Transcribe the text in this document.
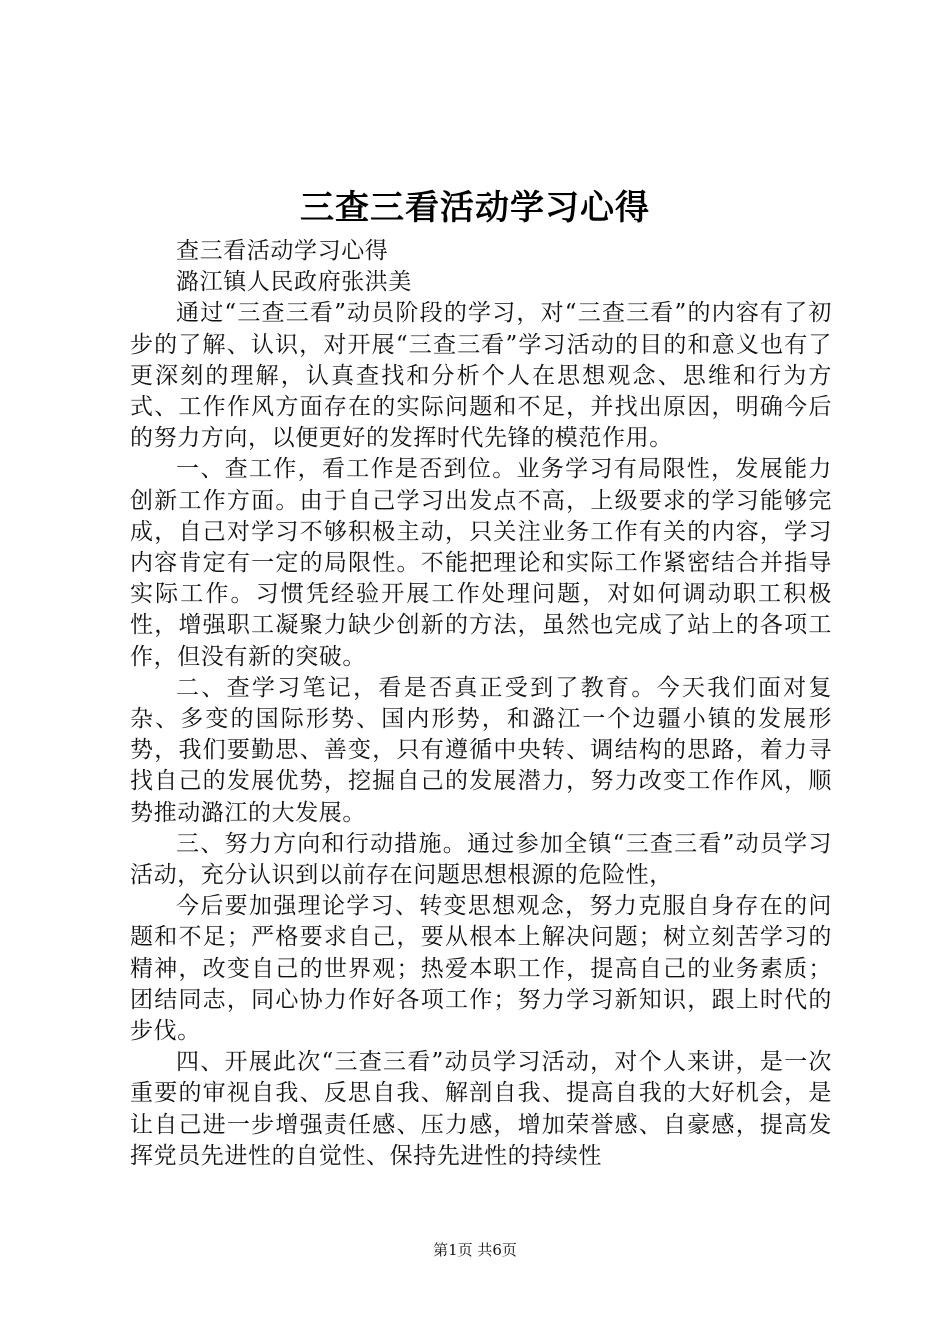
三查三看活动学习心得

查三看活动学习心得

潞江镇人民政府张洪美

通过“三查三看”动员阶段的学习，对“三查三看”的内容有了初步的了解、认识，对开展“三查三看”学习活动的目的和意义也有了更深刻的理解，认真查找和分析个人在思想观念、思维和行为方式、工作作风方面存在的实际问题和不足，并找出原因，明确今后的努力方向，以便更好的发挥时代先锋的模范作用。

一、查工作，看工作是否到位。业务学习有局限性，发展能力创新工作方面。由于自己学习出发点不高，上级要求的学习能够完成，自己对学习不够积极主动，只关注业务工作有关的内容，学习内容肯定有一定的局限性。不能把理论和实际工作紧密结合并指导实际工作。习惯凭经验开展工作处理问题，对如何调动职工积极性，增强职工凝聚力缺少创新的方法，虽然也完成了站上的各项工作，但没有新的突破。

二、查学习笔记，看是否真正受到了教育。今天我们面对复杂、多变的国际形势、国内形势，和潞江一个边疆小镇的发展形势，我们要勤思、善变，只有遵循中央转、调结构的思路，着力寻找自己的发展优势，挖掘自己的发展潜力，努力改变工作作风，顺势推动潞江的大发展。

三、努力方向和行动措施。通过参加全镇“三查三看”动员学习活动，充分认识到以前存在问题思想根源的危险性，

今后要加强理论学习、转变思想观念，努力克服自身存在的问题和不足；严格要求自己，要从根本上解决问题；树立刻苦学习的精神，改变自己的世界观；热爱本职工作，提高自己的业务素质；团结同志，同心协力作好各项工作；努力学习新知识，跟上时代的步伐。

四、开展此次“三查三看”动员学习活动，对个人来讲，是一次重要的审视自我、反思自我、解剖自我、提高自我的大好机会，是让自己进一步增强责任感、压力感，增加荣誉感、自豪感，提高发挥党员先进性的自觉性、保持先进性的持续性

第1页 共6页
